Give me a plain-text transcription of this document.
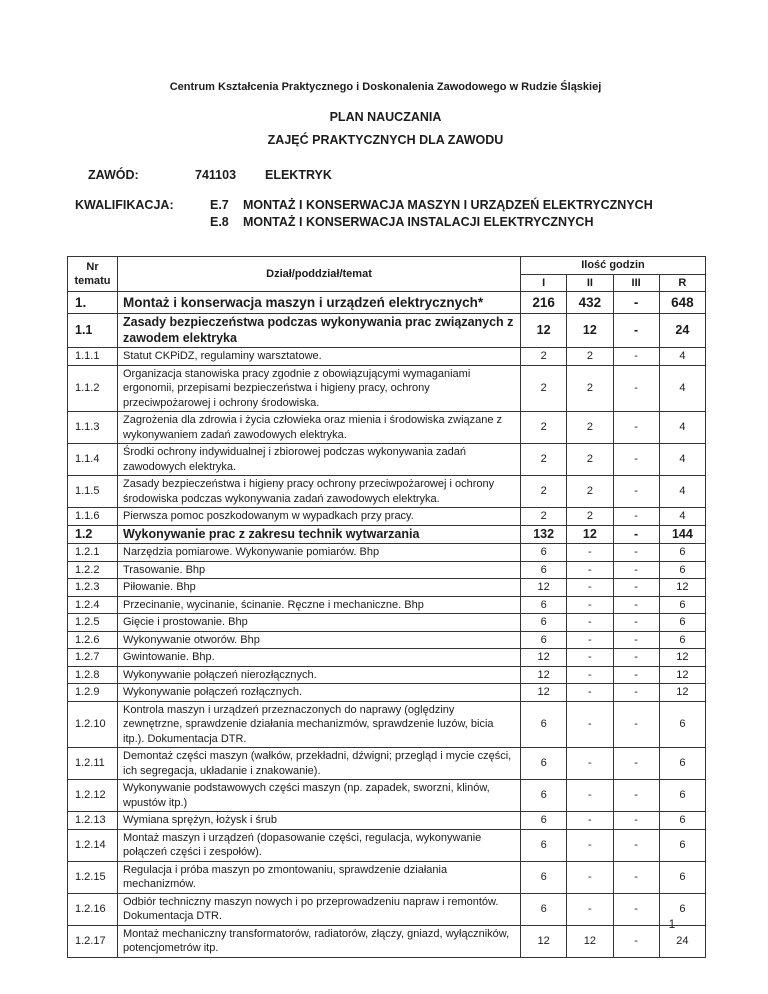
Centrum Kształcenia Praktycznego i Doskonalenia Zawodowego w Rudzie Śląskiej
PLAN NAUCZANIA
ZAJĘĆ PRAKTYCZNYCH DLA ZAWODU
ZAWÓD:	741103	ELEKTRYK
KWALIFIKACJA:	E.7	MONTAŻ I KONSERWACJA MASZYN I URZĄDZEŃ ELEKTRYCZNYCH
E.8	MONTAŻ I KONSERWACJA INSTALACJI ELEKTRYCZNYCH
Nr tematu	Dział/poddział/temat	Ilość godzin			
		I	II	III	R
1.	Montaż i konserwacja maszyn i urządzeń elektrycznych*	216	432	-	648
1.1	Zasady bezpieczeństwa podczas wykonywania prac związanych z zawodem elektryka	12	12	-	24
1.1.1	Statut CKPiDZ, regulaminy warsztatowe.	2	2	-	4
1.1.2	Organizacja stanowiska pracy zgodnie z obowiązującymi wymaganiami ergonomii, przepisami bezpieczeństwa i higieny pracy, ochrony przeciwpożarowej i ochrony środowiska.	2	2	-	4
1.1.3	Zagrożenia dla zdrowia i życia człowieka oraz mienia i środowiska związane z wykonywaniem zadań zawodowych elektryka.	2	2	-	4
1.1.4	Środki ochrony indywidualnej i zbiorowej podczas wykonywania zadań zawodowych elektryka.	2	2	-	4
1.1.5	Zasady bezpieczeństwa i higieny pracy ochrony przeciwpożarowej i ochrony środowiska podczas wykonywania zadań zawodowych elektryka.	2	2	-	4
1.1.6	Pierwsza pomoc poszkodowanym w wypadkach przy pracy.	2	2	-	4
1.2	Wykonywanie prac z zakresu technik wytwarzania	132	12	-	144
1.2.1	Narzędzia pomiarowe. Wykonywanie pomiarów. Bhp	6	-	-	6
1.2.2	Trasowanie. Bhp	6	-	-	6
1.2.3	Piłowanie. Bhp	12	-	-	12
1.2.4	Przecinanie, wycinanie, ścinanie. Ręczne i mechaniczne. Bhp	6	-	-	6
1.2.5	Gięcie i prostowanie. Bhp	6	-	-	6
1.2.6	Wykonywanie otworów. Bhp	6	-	-	6
1.2.7	Gwintowanie. Bhp.	12	-	-	12
1.2.8	Wykonywanie połączeń nierozłącznych.	12	-	-	12
1.2.9	Wykonywanie połączeń rozłącznych.	12	-	-	12
1.2.10	Kontrola maszyn i urządzeń przeznaczonych do naprawy (oględziny zewnętrzne, sprawdzenie działania mechanizmów, sprawdzenie luzów, bicia itp.). Dokumentacja DTR.	6	-	-	6
1.2.11	Demontaż części maszyn (wałków, przekładni, dźwigni; przegląd i mycie części, ich segregacja, układanie i znakowanie).	6	-	-	6
1.2.12	Wykonywanie podstawowych części maszyn (np. zapadek, sworzni, klinów, wpustów itp.)	6	-	-	6
1.2.13	Wymiana sprężyn, łożysk i śrub	6	-	-	6
1.2.14	Montaż maszyn i urządzeń (dopasowanie części, regulacja, wykonywanie połączeń części i zespołów).	6	-	-	6
1.2.15	Regulacja i próba maszyn po zmontowaniu, sprawdzenie działania mechanizmów.	6	-	-	6
1.2.16	Odbiór techniczny maszyn nowych i po przeprowadzeniu napraw i remontów. Dokumentacja DTR.	6	-	-	6
1.2.17	Montaż mechaniczny transformatorów, radiatorów, złączy, gniazd, wyłączników, potencjometrów itp.	12	12	-	24
1
